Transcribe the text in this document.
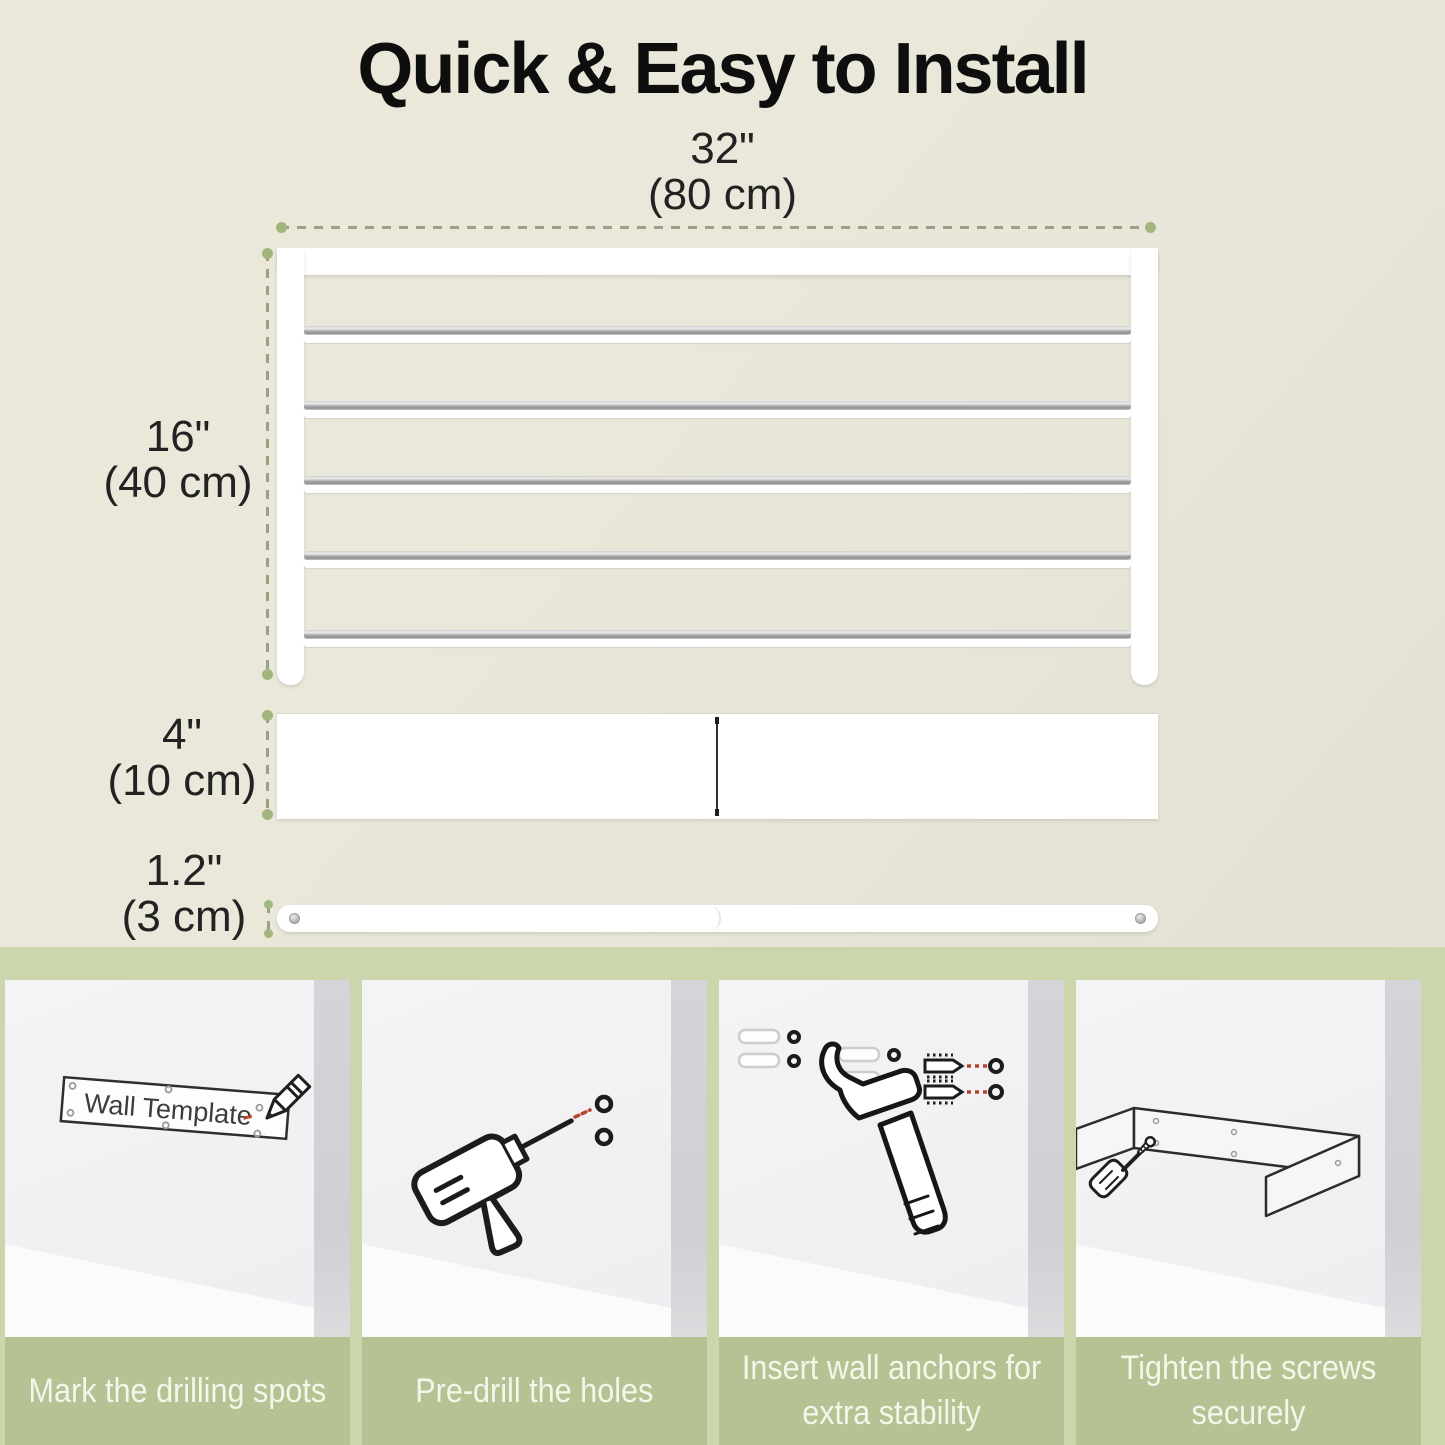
Quick & Easy to Install
32"
(80 cm)
16"
(40 cm)
4"
(10 cm)
1.2"
(3 cm)
Wall Template
Mark the drilling spots	Pre-drill the holes
Insert wall anchors for extra stability
Tighten the screws securely
